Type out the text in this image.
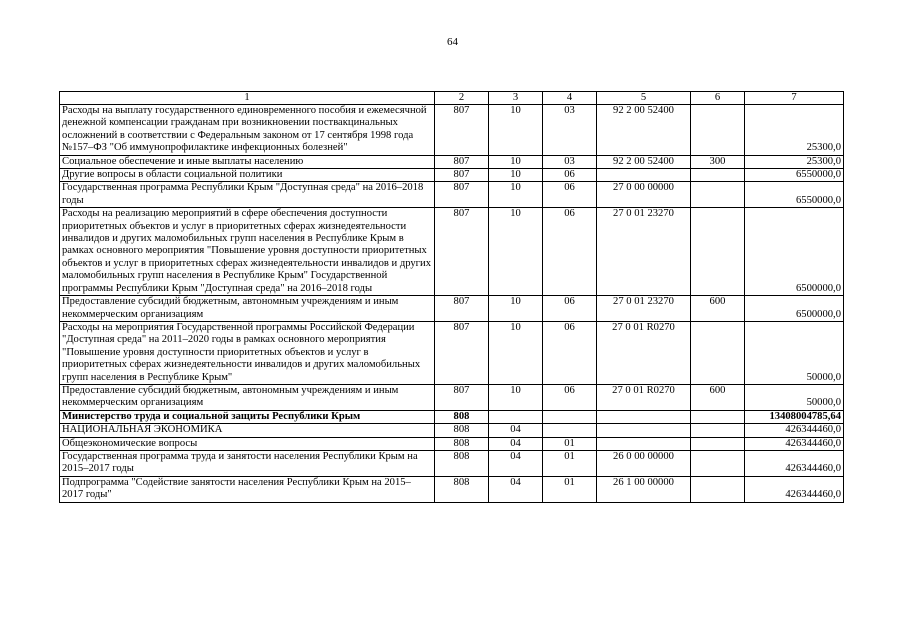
64
1	2	3	4	5	6	7
Расходы на выплату государственного единовременного пособия и ежемесячной денежной компенсации гражданам при возникновении поствакцинальных осложнений в соответствии с Федеральным законом от 17 сентября 1998 года №157–ФЗ "Об иммунопрофилактике инфекционных болезней"	807	10	03	92 2 00 52400		25300,0
Социальное обеспечение и иные выплаты населению	807	10	03	92 2 00 52400	300	25300,0
Другие вопросы в области социальной политики	807	10	06			6550000,0
Государственная программа Республики Крым "Доступная среда" на 2016–2018 годы	807	10	06	27 0 00 00000		6550000,0
Расходы на реализацию мероприятий в сфере обеспечения доступности приоритетных объектов и услуг в приоритетных сферах жизнедеятельности инвалидов и других маломобильных групп населения в Республике Крым в рамках основного мероприятия "Повышение уровня доступности приоритетных объектов и услуг в приоритетных сферах жизнедеятельности инвалидов и других маломобильных групп населения в Республике Крым" Государственной программы Республики Крым "Доступная среда" на 2016–2018 годы	807	10	06	27 0 01 23270		6500000,0
Предоставление субсидий бюджетным, автономным учреждениям и иным некоммерческим организациям	807	10	06	27 0 01 23270	600	6500000,0
Расходы на мероприятия Государственной программы Российской Федерации "Доступная среда" на 2011–2020 годы в рамках основного мероприятия "Повышение уровня доступности приоритетных объектов и услуг в приоритетных сферах жизнедеятельности инвалидов и других маломобильных групп населения в Республике Крым"	807	10	06	27 0 01 R0270		50000,0
Предоставление субсидий бюджетным, автономным учреждениям и иным некоммерческим организациям	807	10	06	27 0 01 R0270	600	50000,0
Министерство труда и социальной защиты Республики Крым	808					13408004785,64
НАЦИОНАЛЬНАЯ ЭКОНОМИКА	808	04				426344460,0
Общеэкономические вопросы	808	04	01			426344460,0
Государственная программа труда и занятости населения Республики Крым на 2015–2017 годы	808	04	01	26 0 00 00000		426344460,0
Подпрограмма "Содействие занятости населения Республики Крым на 2015–2017 годы"	808	04	01	26 1 00 00000		426344460,0
